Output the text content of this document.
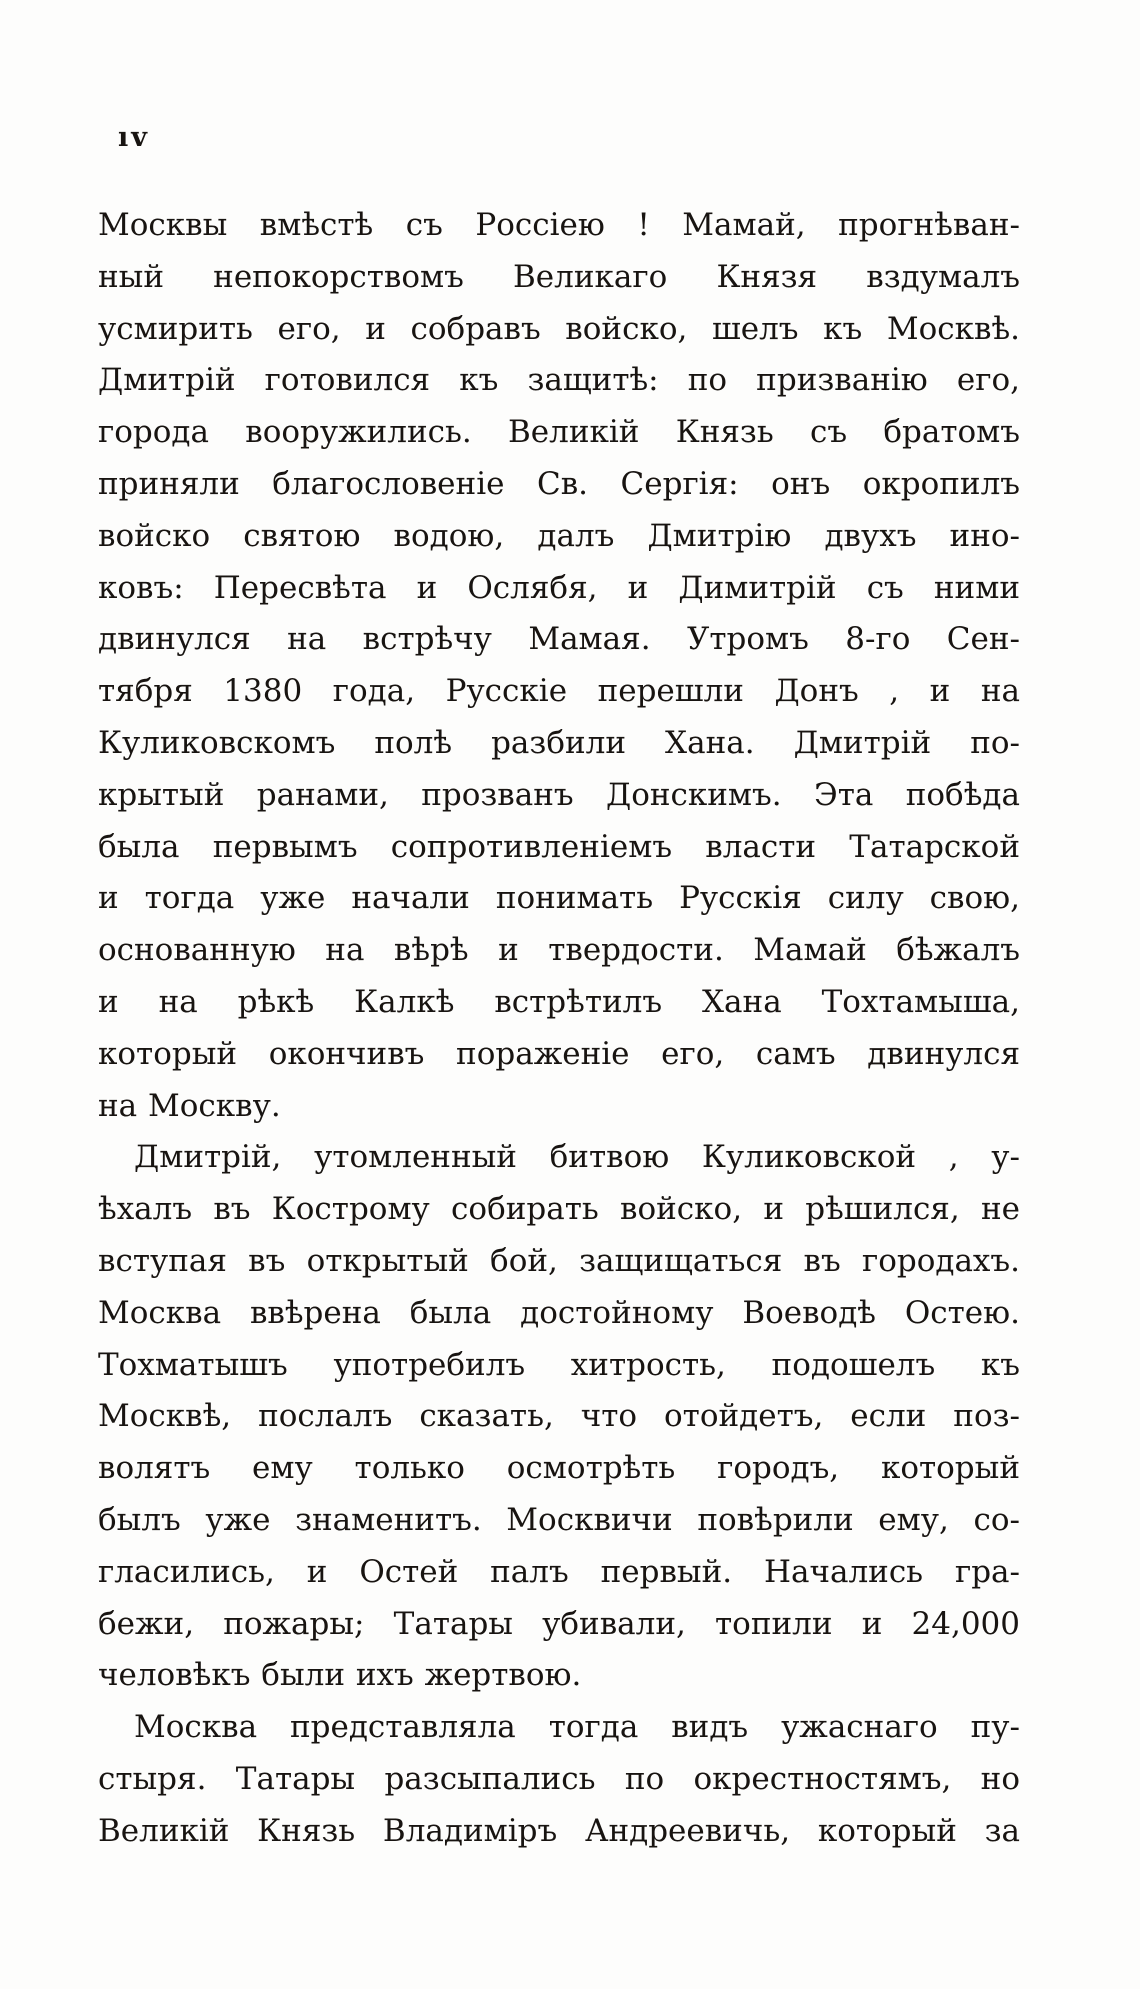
ıv
Москвы вмѣстѣ съ Россіею ! Мамай, прогнѣван-
ный непокорствомъ Великаго Князя вздумалъ
усмирить его, и собравъ войско, шелъ къ Москвѣ.
Дмитрій готовился къ защитѣ: по призванію его,
города вооружились. Великій Князь съ братомъ
приняли благословеніе Св. Сергія: онъ окропилъ
войско святою водою, далъ Дмитрію двухъ ино-
ковъ: Пересвѣта и Ослябя, и Димитрій съ ними
двинулся на встрѣчу Мамая. Утромъ 8-го Сен-
тября 1380 года, Русскіе перешли Донъ , и на
Куликовскомъ полѣ разбили Хана. Дмитрій по-
крытый ранами, прозванъ Донскимъ. Эта побѣда
была первымъ сопротивленіемъ власти Татарской
и тогда уже начали понимать Русскія силу свою,
основанную на вѣрѣ и твердости. Мамай бѣжалъ
и на рѣкѣ Калкѣ встрѣтилъ Хана Тохтамыша,
который окончивъ пораженіе его, самъ двинулся
на Москву.
Дмитрій, утомленный битвою Куликовской , у-
ѣхалъ въ Кострому собирать войско, и рѣшился, не
вступая въ открытый бой, защищаться въ городахъ.
Москва ввѣрена была достойному Воеводѣ Остею.
Тохматышъ употребилъ хитрость, подошелъ къ
Москвѣ, послалъ сказать, что отойдетъ, если поз-
волятъ ему только осмотрѣть городъ, который
былъ уже знаменитъ. Москвичи повѣрили ему, со-
гласились, и Остей палъ первый. Начались гра-
бежи, пожары; Татары убивали, топили и 24,000
человѣкъ были ихъ жертвою.
Москва представляла тогда видъ ужаснаго пу-
стыря. Татары разсыпались по окрестностямъ, но
Великій Князь Владиміръ Андреевичь, который за
